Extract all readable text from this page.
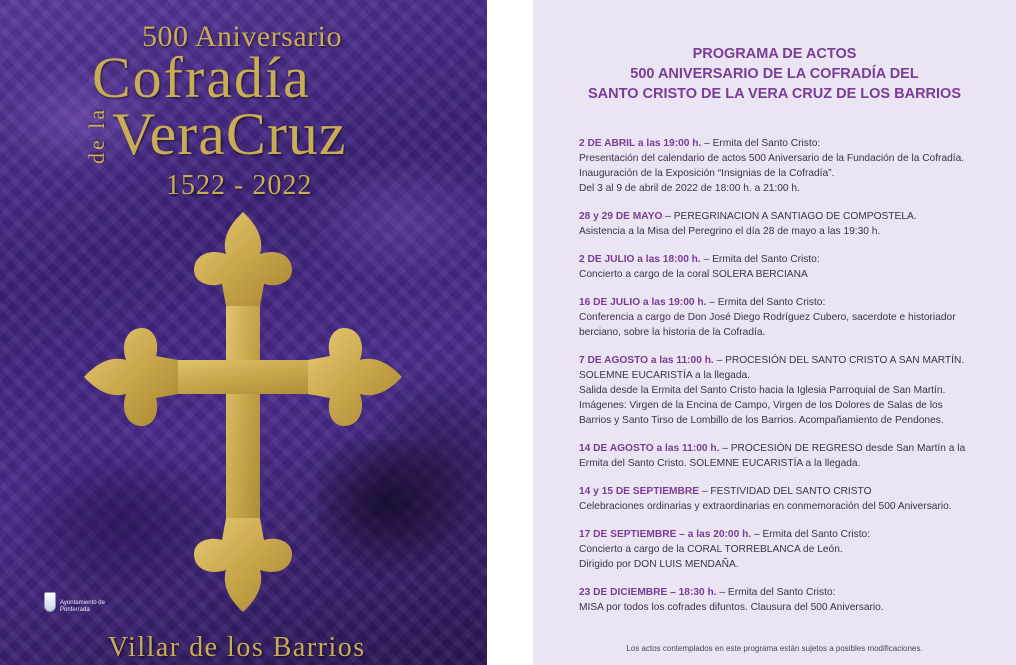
500 Aniversario
Cofradía
de la VeraCruz
1522 - 2022
Ayuntamiento de Ponferrada
Villar de los Barrios
PROGRAMA DE ACTOS
500 ANIVERSARIO DE LA COFRADÍA DEL
SANTO CRISTO DE LA VERA CRUZ DE LOS BARRIOS
2 DE ABRIL a las 19:00 h. – Ermita del Santo Cristo:
Presentación del calendario de actos 500 Aniversario de la Fundación de la Cofradía.
Inauguración de la Exposición “Insignias de la Cofradía”.
Del 3 al 9 de abril de 2022 de 18:00 h. a 21:00 h.
28 y 29 DE MAYO – PEREGRINACION A SANTIAGO DE COMPOSTELA.
Asistencia a la Misa del Peregrino el día 28 de mayo a las 19:30 h.
2 DE JULIO a las 18:00 h. – Ermita del Santo Cristo:
Concierto a cargo de la coral SOLERA BERCIANA
16 DE JULIO a las 19:00 h. – Ermita del Santo Cristo:
Conferencia a cargo de Don José Diego Rodríguez Cubero, sacerdote e historiador
berciano, sobre la historia de la Cofradía.
7 DE AGOSTO a las 11:00 h. – PROCESIÓN DEL SANTO CRISTO A SAN MARTÍN.
SOLEMNE EUCARISTÍA a la llegada.
Salida desde la Ermita del Santo Cristo hacia la Iglesia Parroquial de San Martín.
Imágenes: Virgen de la Encina de Campo, Virgen de los Dolores de Salas de los
Barrios y Santo Tirso de Lombillo de los Barrios. Acompañamiento de Pendones.
14 DE AGOSTO a las 11:00 h. – PROCESIÓN DE REGRESO desde San Martín a la
Ermita del Santo Cristo. SOLEMNE EUCARISTÍA a la llegada.
14 y 15 DE SEPTIEMBRE – FESTIVIDAD DEL SANTO CRISTO
Celebraciones ordinarias y extraordinarias en conmemoración del 500 Aniversario.
17 DE SEPTIEMBRE – a las 20:00 h. – Ermita del Santo Cristo:
Concierto a cargo de la CORAL TORREBLANCA de León.
Dirigido por DON LUIS MENDAÑA.
23 DE DICIEMBRE – 18:30 h. – Ermita del Santo Cristo:
MISA por todos los cofrades difuntos. Clausura del 500 Aniversario.
Los actos contemplados en este programa están sujetos a posibles modificaciones.
